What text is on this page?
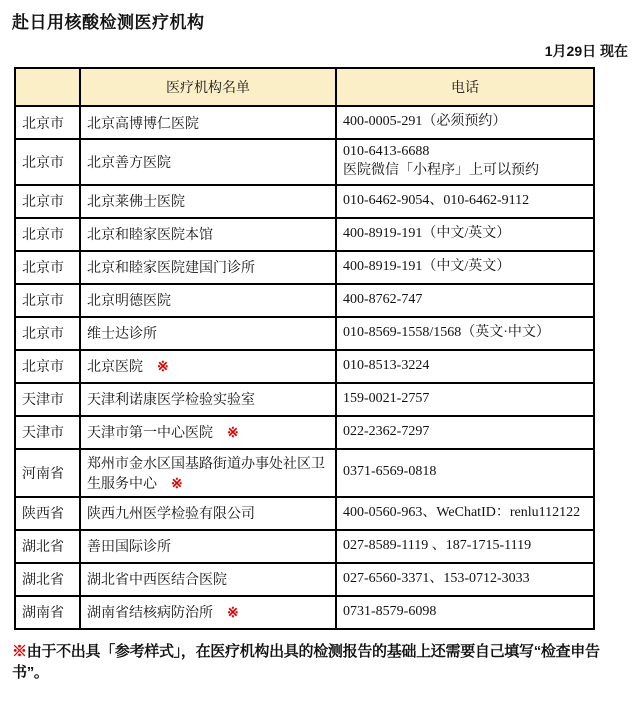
赴日用核酸检测医疗机构
1月29日 现在
	医疗机构名单	电话
北京市	北京高博博仁医院	400-0005-291（必须预约）

北京市	北京善方医院	010-6413-6688
医院微信「小程序」上可以预约

北京市	北京莱佛士医院	010-6462-9054、010-6462-9112

北京市	北京和睦家医院本馆	400-8919-191（中文/英文）

北京市	北京和睦家医院建国门诊所	400-8919-191（中文/英文）

北京市	北京明德医院	400-8762-747

北京市	维士达诊所	010-8569-1558/1568（英文·中文）

北京市	北京医院 ※	010-8513-3224

天津市	天津利诺康医学检验实验室	159-0021-2757

天津市	天津市第一中心医院 ※	022-2362-7297

河南省	郑州市金水区国基路街道办事处社区卫生服务中心 ※	0371-6569-0818

陕西省	陕西九州医学检验有限公司	400-0560-963、WeChatID：renlu112122

湖北省	善田国际诊所	027-8589-1119 、187-1715-1119

湖北省	湖北省中西医结合医院	027-6560-3371、153-0712-3033

湖南省	湖南省结核病防治所 ※	0731-8579-6098
※由于不出具「参考样式」，在医疗机构出具的检测报告的基础上还需要自己填写“检查申告书”。
